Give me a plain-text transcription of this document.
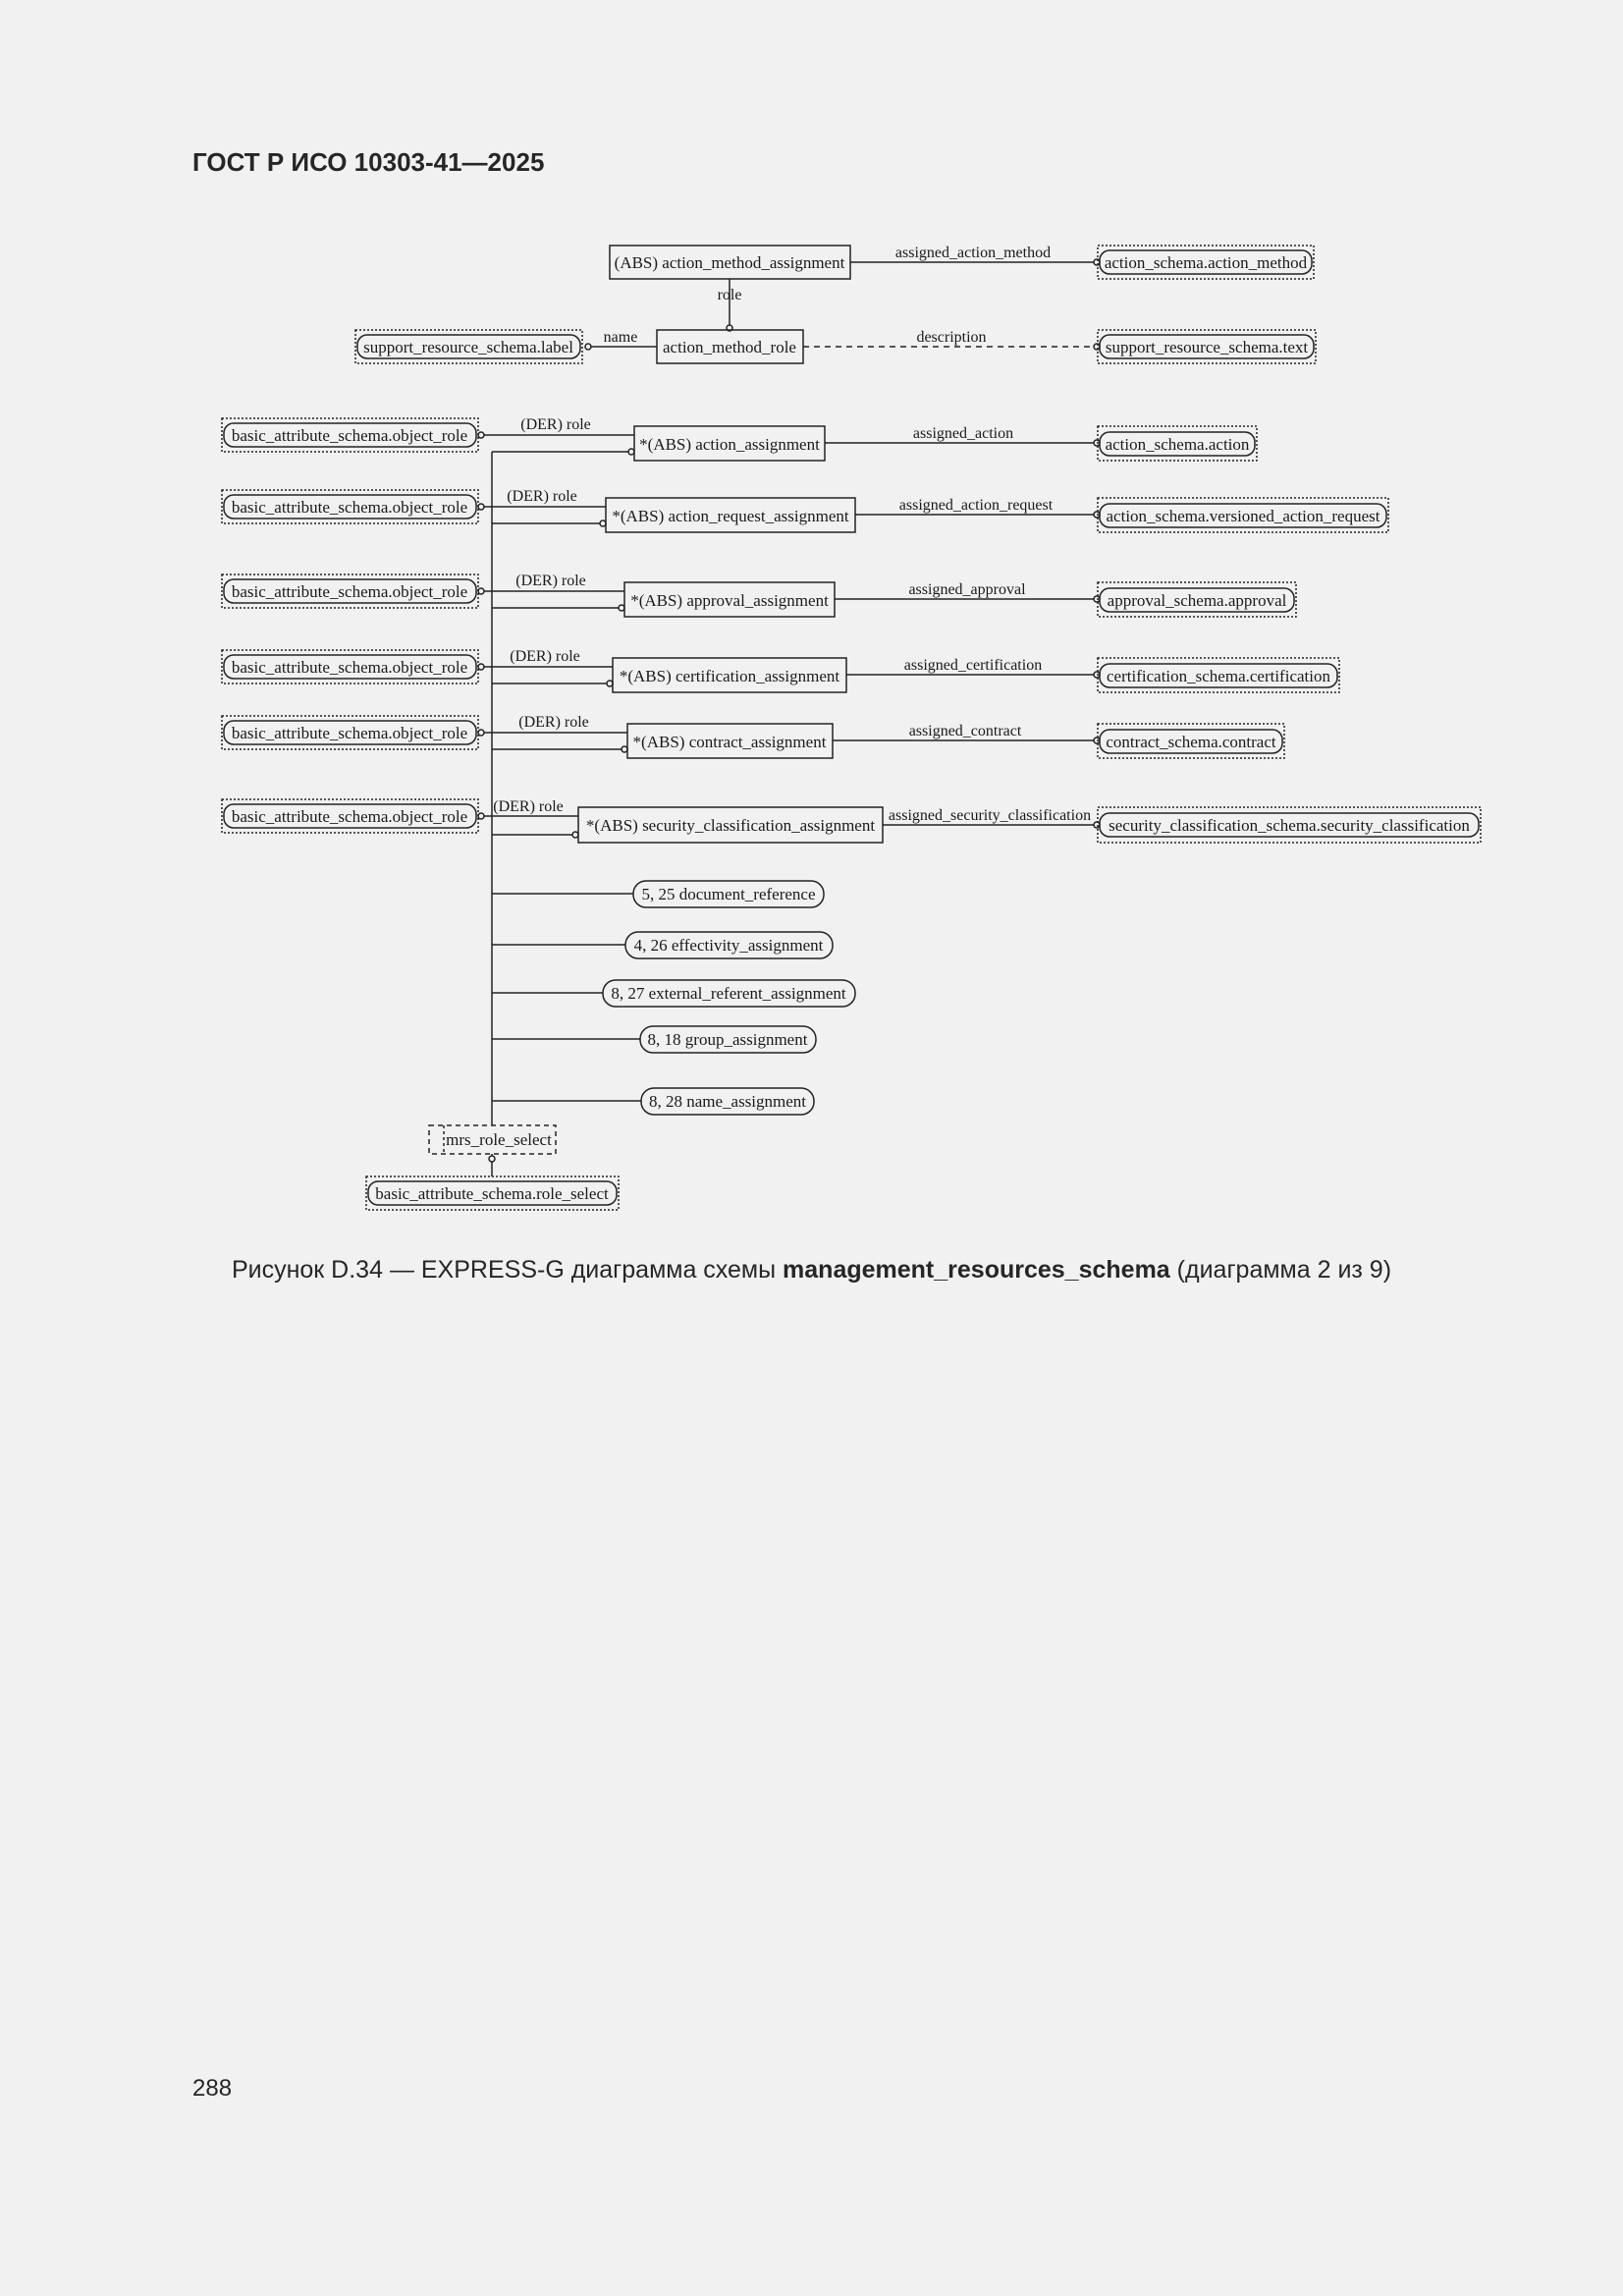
ГОСТ Р ИСО 10303-41—2025
(ABS) action_method_assignment
action_method_role
*(ABS) action_assignment
*(ABS) action_request_assignment
*(ABS) approval_assignment
*(ABS) certification_assignment
*(ABS) contract_assignment
*(ABS) security_classification_assignment
action_schema.action_method
support_resource_schema.label	support_resource_schema.text
basic_attribute_schema.object_role
basic_attribute_schema.object_role
basic_attribute_schema.object_role
basic_attribute_schema.object_role
basic_attribute_schema.object_role
basic_attribute_schema.object_role
action_schema.action
action_schema.versioned_action_request
approval_schema.approval
certification_schema.certification
contract_schema.contract
security_classification_schema.security_classification
basic_attribute_schema.role_select
mrs_role_select
5, 25 document_reference
4, 26 effectivity_assignment
8, 27 external_referent_assignment
8, 18 group_assignment
8, 28 name_assignment
assigned_action_method
role
name	description
(DER) role
(DER) role
(DER) role
(DER) role
(DER) role
(DER) role
assigned_action
assigned_action_request
assigned_approval
assigned_certification
assigned_contract
assigned_security_classification
Рисунок D.34 — EXPRESS-G диаграмма схемы management_resources_schema (диаграмма 2 из 9)
288
